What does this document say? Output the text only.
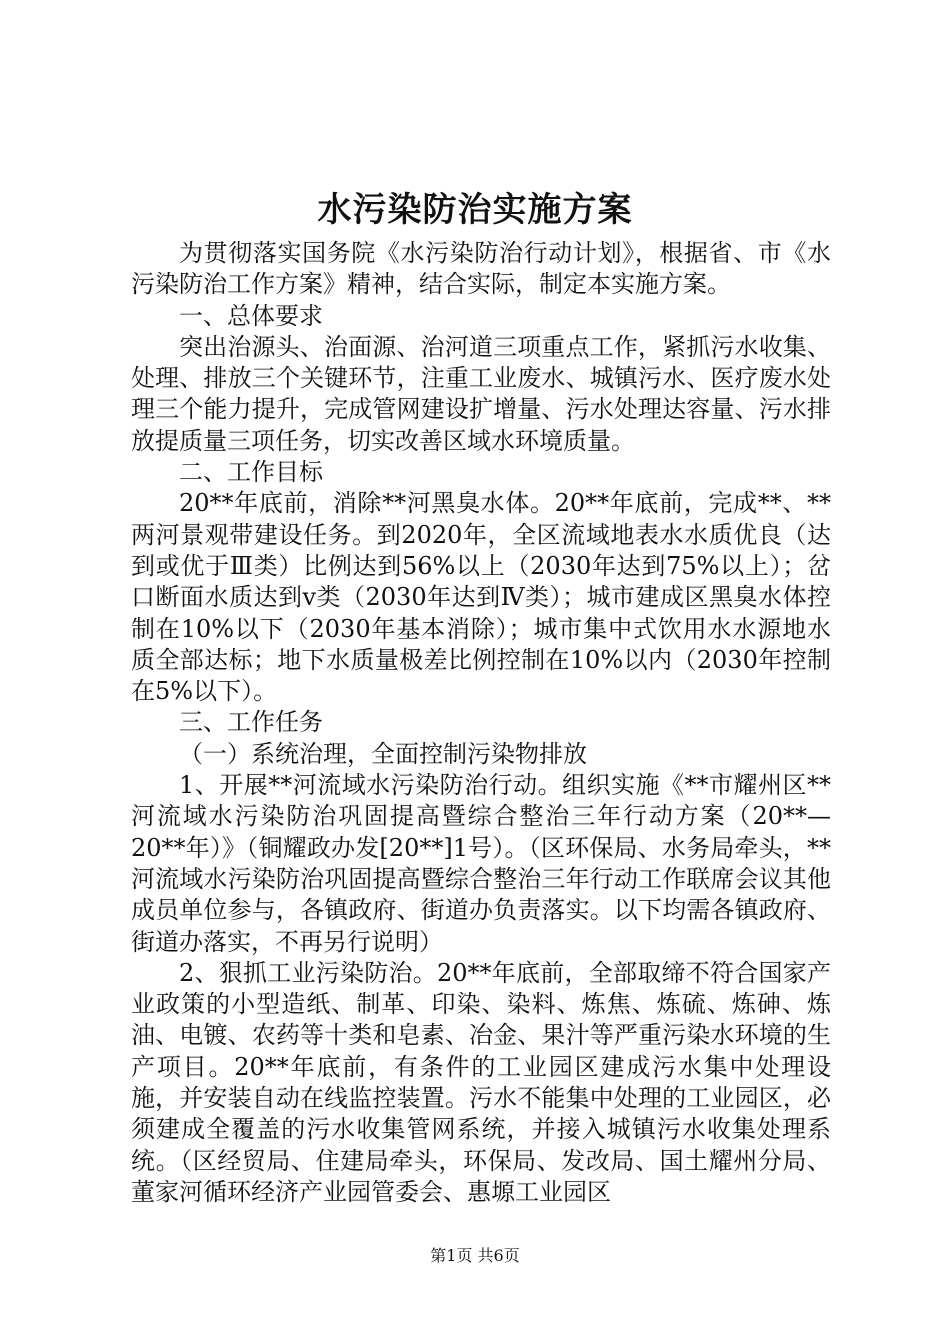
水污染防治实施方案

为贯彻落实国务院《水污染防治行动计划》，根据省、市《水污染防治工作方案》精神，结合实际，制定本实施方案。

一、总体要求

突出治源头、治面源、治河道三项重点工作，紧抓污水收集、处理、排放三个关键环节，注重工业废水、城镇污水、医疗废水处理三个能力提升，完成管网建设扩增量、污水处理达容量、污水排放提质量三项任务，切实改善区域水环境质量。

二、工作目标

20**年底前，消除**河黑臭水体。20**年底前，完成**、**两河景观带建设任务。到2020年，全区流域地表水水质优良（达到或优于Ⅲ类）比例达到56%以上（2030年达到75%以上）；岔口断面水质达到ⅴ类（2030年达到Ⅳ类）；城市建成区黑臭水体控制在10%以下（2030年基本消除）；城市集中式饮用水水源地水质全部达标；地下水质量极差比例控制在10%以内（2030年控制在5%以下）。

三、工作任务

（一）系统治理，全面控制污染物排放

1、开展**河流域水污染防治行动。组织实施《**市耀州区**河流域水污染防治巩固提高暨综合整治三年行动方案（20**—20**年）》（铜耀政办发[20**]1号）。（区环保局、水务局牵头，**河流域水污染防治巩固提高暨综合整治三年行动工作联席会议其他成员单位参与，各镇政府、街道办负责落实。以下均需各镇政府、街道办落实，不再另行说明）

2、狠抓工业污染防治。20**年底前，全部取缔不符合国家产业政策的小型造纸、制革、印染、染料、炼焦、炼硫、炼砷、炼油、电镀、农药等十类和皂素、冶金、果汁等严重污染水环境的生产项目。20**年底前，有条件的工业园区建成污水集中处理设施，并安装自动在线监控装置。污水不能集中处理的工业园区，必须建成全覆盖的污水收集管网系统，并接入城镇污水收集处理系统。（区经贸局、住建局牵头，环保局、发改局、国土耀州分局、董家河循环经济产业园管委会、惠塬工业园区

第1页 共6页
